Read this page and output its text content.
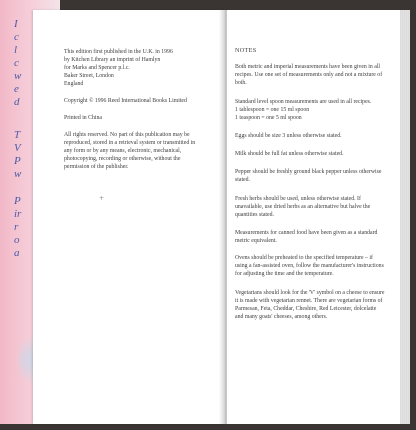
I
c
l
c
w
e
d
T
V
P
w
P
ir
r
o
a

This edition first published in the U.K. in 1996

by Kitchen Library an imprint of Hamlyn

for Marks and Spencer p.l.c.

Baker Street, London

England

Copyright © 1996 Reed International Books Limited

Printed in China

All rights reserved. No part of this publication may be

reproduced, stored in a retrieval system or transmitted in

any form or by any means, electronic, mechanical,

photocopying, recording or otherwise, without the

permission of the publisher.

+

NOTES

Both metric and imperial measurements have been given in all

recipes. Use one set of measurements only and not a mixture of

both.

Standard level spoon measurements are used in all recipes.

1 tablespoon = one 15 ml spoon

1 teaspoon = one 5 ml spoon

Eggs should be size 3 unless otherwise stated.

Milk should be full fat unless otherwise stated.

Pepper should be freshly ground black pepper unless otherwise

stated.

Fresh herbs should be used, unless otherwise stated. If

unavailable, use dried herbs as an alternative but halve the

quantities stated.

Measurements for canned food have been given as a standard

metric equivalent.

Ovens should be preheated to the specified temperature – if

using a fan-assisted oven, follow the manufacturer's instructions

for adjusting the time and the temperature.

Vegetarians should look for the 'V' symbol on a cheese to ensure

it is made with vegetarian rennet. There are vegetarian forms of

Parmesan, Feta, Cheddar, Cheshire, Red Leicester, dolcelatte

and many goats' cheeses, among others.
